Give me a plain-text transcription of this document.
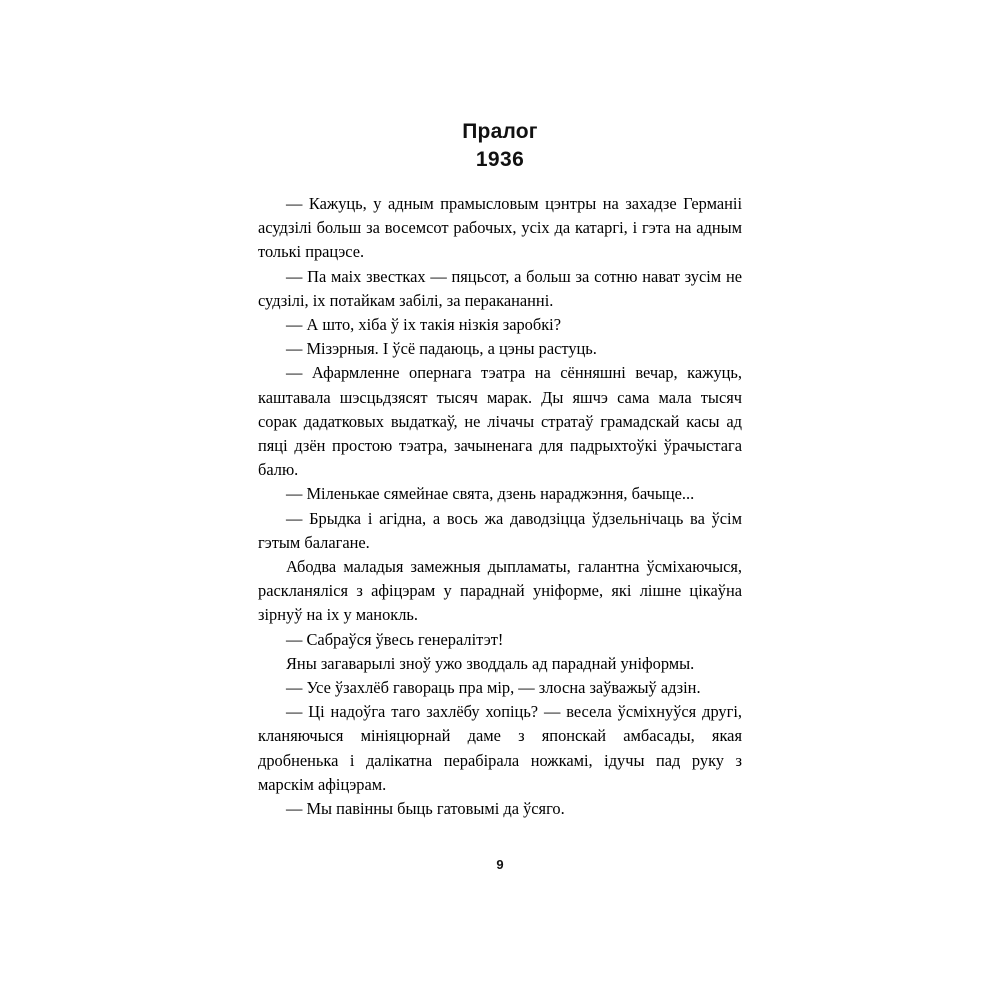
Пралог
1936

— Кажуць, у адным прамысловым цэнтры на захадзе Германіі асудзілі больш за восемсот рабочых, усіх да катаргі, і гэта на адным толькі працэсе.

— Па маіх звестках — пяцьсот, а больш за сотню нават зусім не судзілі, іх потайкам забілі, за перакананні.

— А што, хіба ў іх такія нізкія заробкі?

— Мізэрныя. І ўсё падаюць, а цэны растуць.

— Афармленне опернага тэатра на сённяшні вечар, кажуць, каштавала шэсцьдзясят тысяч марак. Ды яшчэ сама мала тысяч сорак дадатковых выдаткаў, не лічачы стратаў грамадскай касы ад пяці дзён простою тэатра, зачыненага для падрыхтоўкі ўрачыстага балю.

— Міленькае сямейнае свята, дзень нараджэння, бачыце...

— Брыдка і агідна, а вось жа даводзіцца ўдзельнічаць ва ўсім гэтым балагане.

Абодва маладыя замежныя дыпламаты, галантна ўсміхаючыся, раскланяліся з афіцэрам у параднай уніформе, які лішне цікаўна зірнуў на іх у манокль.

— Сабраўся ўвесь генералітэт!

Яны загаварылі зноў ужо зводдаль ад параднай уніформы.

— Усе ўзахлёб гавораць пра мір, — злосна заўважыў адзін.

— Ці надоўга таго захлёбу хопіць? — весела ўсміхнуўся другі, кланяючыся мініяцюрнай даме з японскай амбасады, якая дробненька і далікатна перабірала ножкамі, ідучы пад руку з марскім афіцэрам.

— Мы павінны быць гатовымі да ўсяго.

9
